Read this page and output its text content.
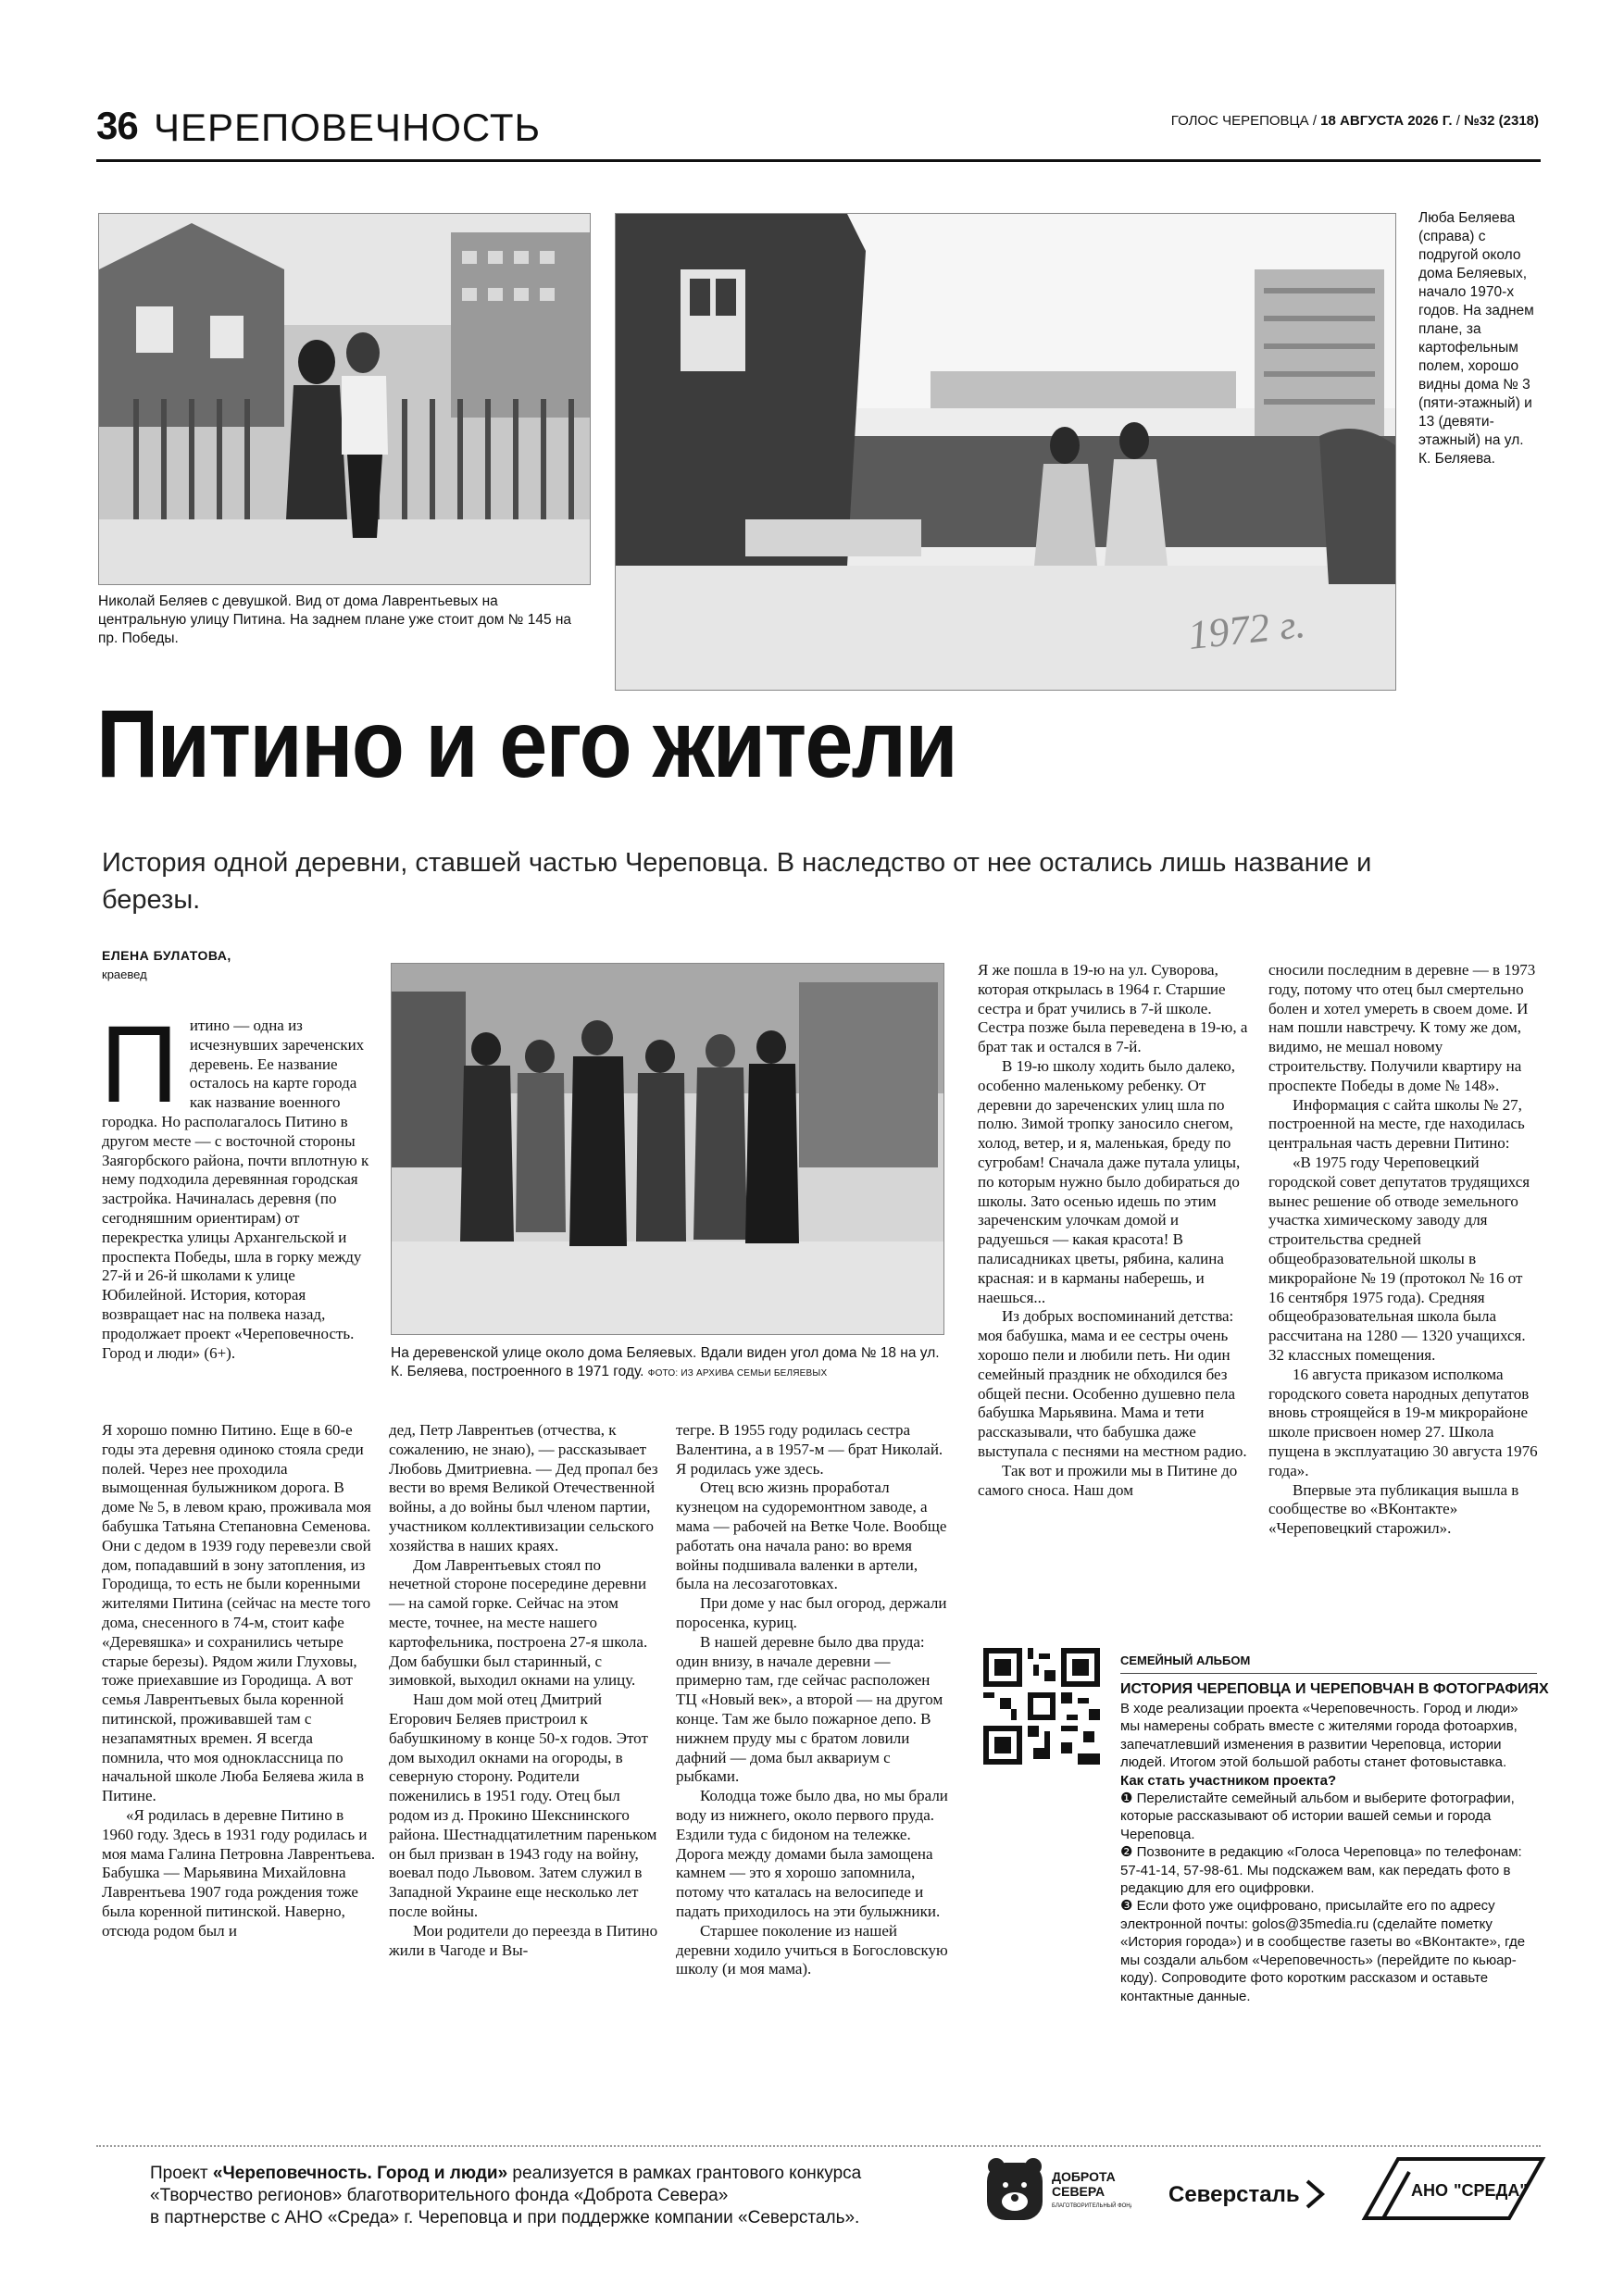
36 ЧЕРЕПОВЕЧНОСТЬ	ГОЛОС ЧЕРЕПОВЦА / 18 АВГУСТА 2026 Г. / №32 (2318)
Николай Беляев с девушкой. Вид от дома Лаврентьевых на центральную улицу Питина. На заднем плане уже стоит дом № 145 на пр. Победы.	1972 г.
Люба Беляева (справа) с подругой около дома Беляевых, начало 1970-х годов. На заднем плане, за картофельным полем, хорошо видны дома № 3 (пяти-этажный) и 13 (девяти-этажный) на ул. К. Беляева.
Питино и его жители
История одной деревни, ставшей частью Череповца. В наследство от нее остались лишь название и березы.
ЕЛЕНА БУЛАТОВА,
краевед
Питино — одна из исчезнувших зареченских деревень. Ее название осталось на карте города как название военного городка. Но располагалось Питино в другом месте — с восточной стороны Заягорбского района, почти вплотную к нему подходила деревянная городская застройка. Начиналась деревня (по сегодняшним ориентирам) от перекрестка улицы Архангельской и проспекта Победы, шла в горку между 27-й и 26-й школами к улице Юбилейной. История, которая возвращает нас на полвека назад, продолжает проект «Череповечность. Город и люди» (6+).	На деревенской улице около дома Беляевых. Вдали виден угол дома № 18 на ул. К. Беляева, построенного в 1971 году. ФОТО: ИЗ АРХИВА СЕМЬИ БЕЛЯЕВЫХ

Я хорошо помню Питино. Еще в 60-е годы эта деревня одиноко стояла среди полей. Через нее проходила вымощенная булыжником дорога. В доме № 5, в левом краю, проживала моя бабушка Татьяна Степановна Семенова. Они с дедом в 1939 году перевезли свой дом, попадавший в зону затопления, из Городища, то есть не были коренными жителями Питина (сейчас на месте того дома, снесенного в 74-м, стоит кафе «Деревяшка» и сохранились четыре старые березы). Рядом жили Глуховы, тоже приехавшие из Городища. А вот семья Лаврентьевых была коренной питинской, проживавшей там с незапамятных времен. Я всегда помнила, что моя одноклассница по начальной школе Люба Беляева жила в Питине.

«Я родилась в деревне Питино в 1960 году. Здесь в 1931 году родилась и моя мама Галина Петровна Лаврентьева. Бабушка — Марьявина Михайловна Лаврентьева 1907 года рождения тоже была коренной питинской. Наверно, отсюда родом был и

дед, Петр Лаврентьев (отчества, к сожалению, не знаю), — рассказывает Любовь Дмитриевна. — Дед пропал без вести во время Великой Отечественной войны, а до войны был членом партии, участником коллективизации сельского хозяйства в наших краях.

Дом Лаврентьевых стоял по нечетной стороне посередине деревни — на самой горке. Сейчас на этом месте, точнее, на месте нашего картофельника, построена 27-я школа. Дом бабушки был старинный, с зимовкой, выходил окнами на улицу.

Наш дом мой отец Дмитрий Егорович Беляев пристроил к бабушкиному в конце 50-х годов. Этот дом выходил окнами на огороды, в северную сторону. Родители поженились в 1951 году. Отец был родом из д. Прокино Шекснинского района. Шестнадцатилетним пареньком он был призван в 1943 году на войну, воевал подо Львовом. Затем служил в Западной Украине еще несколько лет после войны.

Мои родители до переезда в Питино жили в Чагоде и Вы-

тегре. В 1955 году родилась сестра Валентина, а в 1957-м — брат Николай. Я родилась уже здесь.

Отец всю жизнь проработал кузнецом на судоремонтном заводе, а мама — рабочей на Ветке Чоле. Вообще работать она начала рано: во время войны подшивала валенки в артели, была на лесозаготовках.

При доме у нас был огород, держали поросенка, куриц.

В нашей деревне было два пруда: один внизу, в начале деревни — примерно там, где сейчас расположен ТЦ «Новый век», а второй — на другом конце. Там же было пожарное депо. В нижнем пруду мы с братом ловили дафний — дома был аквариум с рыбками.

Колодца тоже было два, но мы брали воду из нижнего, около первого пруда. Ездили туда с бидоном на тележке. Дорога между домами была замощена камнем — это я хорошо запомнила, потому что каталась на велосипеде и падать приходилось на эти булыжники.

Старшее поколение из нашей деревни ходило учиться в Богословскую школу (и моя мама).

Я же пошла в 19-ю на ул. Суворова, которая открылась в 1964 г. Старшие сестра и брат учились в 7-й школе. Сестра позже была переведена в 19-ю, а брат так и остался в 7-й.

В 19-ю школу ходить было далеко, особенно маленькому ребенку. От деревни до зареченских улиц шла по полю. Зимой тропку заносило снегом, холод, ветер, и я, маленькая, бреду по сугробам! Сначала даже путала улицы, по которым нужно было добираться до школы. Зато осенью идешь по этим зареченским улочкам домой и радуешься — какая красота! В палисадниках цветы, рябина, калина красная: и в карманы наберешь, и наешься...

Из добрых воспоминаний детства: моя бабушка, мама и ее сестры очень хорошо пели и любили петь. Ни один семейный праздник не обходился без общей песни. Особенно душевно пела бабушка Марьявина. Мама и тети рассказывали, что бабушка даже выступала с песнями на местном радио.

Так вот и прожили мы в Питине до самого сноса. Наш дом

сносили последним в деревне — в 1973 году, потому что отец был смертельно болен и хотел умереть в своем доме. И нам пошли навстречу. К тому же дом, видимо, не мешал новому строительству. Получили квартиру на проспекте Победы в доме № 148».

Информация с сайта школы № 27, построенной на месте, где находилась центральная часть деревни Питино:

«В 1975 году Череповецкий городской совет депутатов трудящихся вынес решение об отводе земельного участка химическому заводу для строительства средней общеобразовательной школы в микрорайоне № 19 (протокол № 16 от 16 сентября 1975 года). Средняя общеобразовательная школа была рассчитана на 1280 — 1320 учащихся. 32 классных помещения.

16 августа приказом исполкома городского совета народных депутатов вновь строящейся в 19-м микрорайоне школе присвоен номер 27. Школа пущена в эксплуатацию 30 августа 1976 года».

Впервые эта публикация вышла в сообществе во «ВКонтакте» «Череповецкий старожил».

СЕМЕЙНЫЙ АЛЬБОМ
ИСТОРИЯ ЧЕРЕПОВЦА И ЧЕРЕПОВЧАН В ФОТОГРАФИЯХ

В ходе реализации проекта «Череповечность. Город и люди» мы намерены собрать вместе с жителями города фотоархив, запечатлевший изменения в развитии Череповца, истории людей. Итогом этой большой работы станет фотовыставка.

Как стать участником проекта?

❶ Перелистайте семейный альбом и выберите фотографии, которые рассказывают об истории вашей семьи и города Череповца.

❷ Позвоните в редакцию «Голоса Череповца» по телефонам: 57-41-14, 57-98-61. Мы подскажем вам, как передать фото в редакцию для его оцифровки.

❸ Если фото уже оцифровано, присылайте его по адресу электронной почты: golos@35media.ru (сделайте пометку «История города») и в сообществе газеты во «ВКонтакте», где мы создали альбом «Череповечность» (перейдите по кьюар-коду). Сопроводите фото коротким рассказом и оставьте контактные данные.

Проект «Череповечность. Город и люди» реализуется в рамках грантового конкурса
«Творчество регионов» благотворительного фонда «Доброта Севера»
в партнерстве с АНО «Среда» г. Череповца и при поддержке компании «Северсталь».
ДОБРОТА
СЕВЕРА
БЛАГОТВОРИТЕЛЬНЫЙ ФОНД Северсталь	АНО "СРЕДА"
